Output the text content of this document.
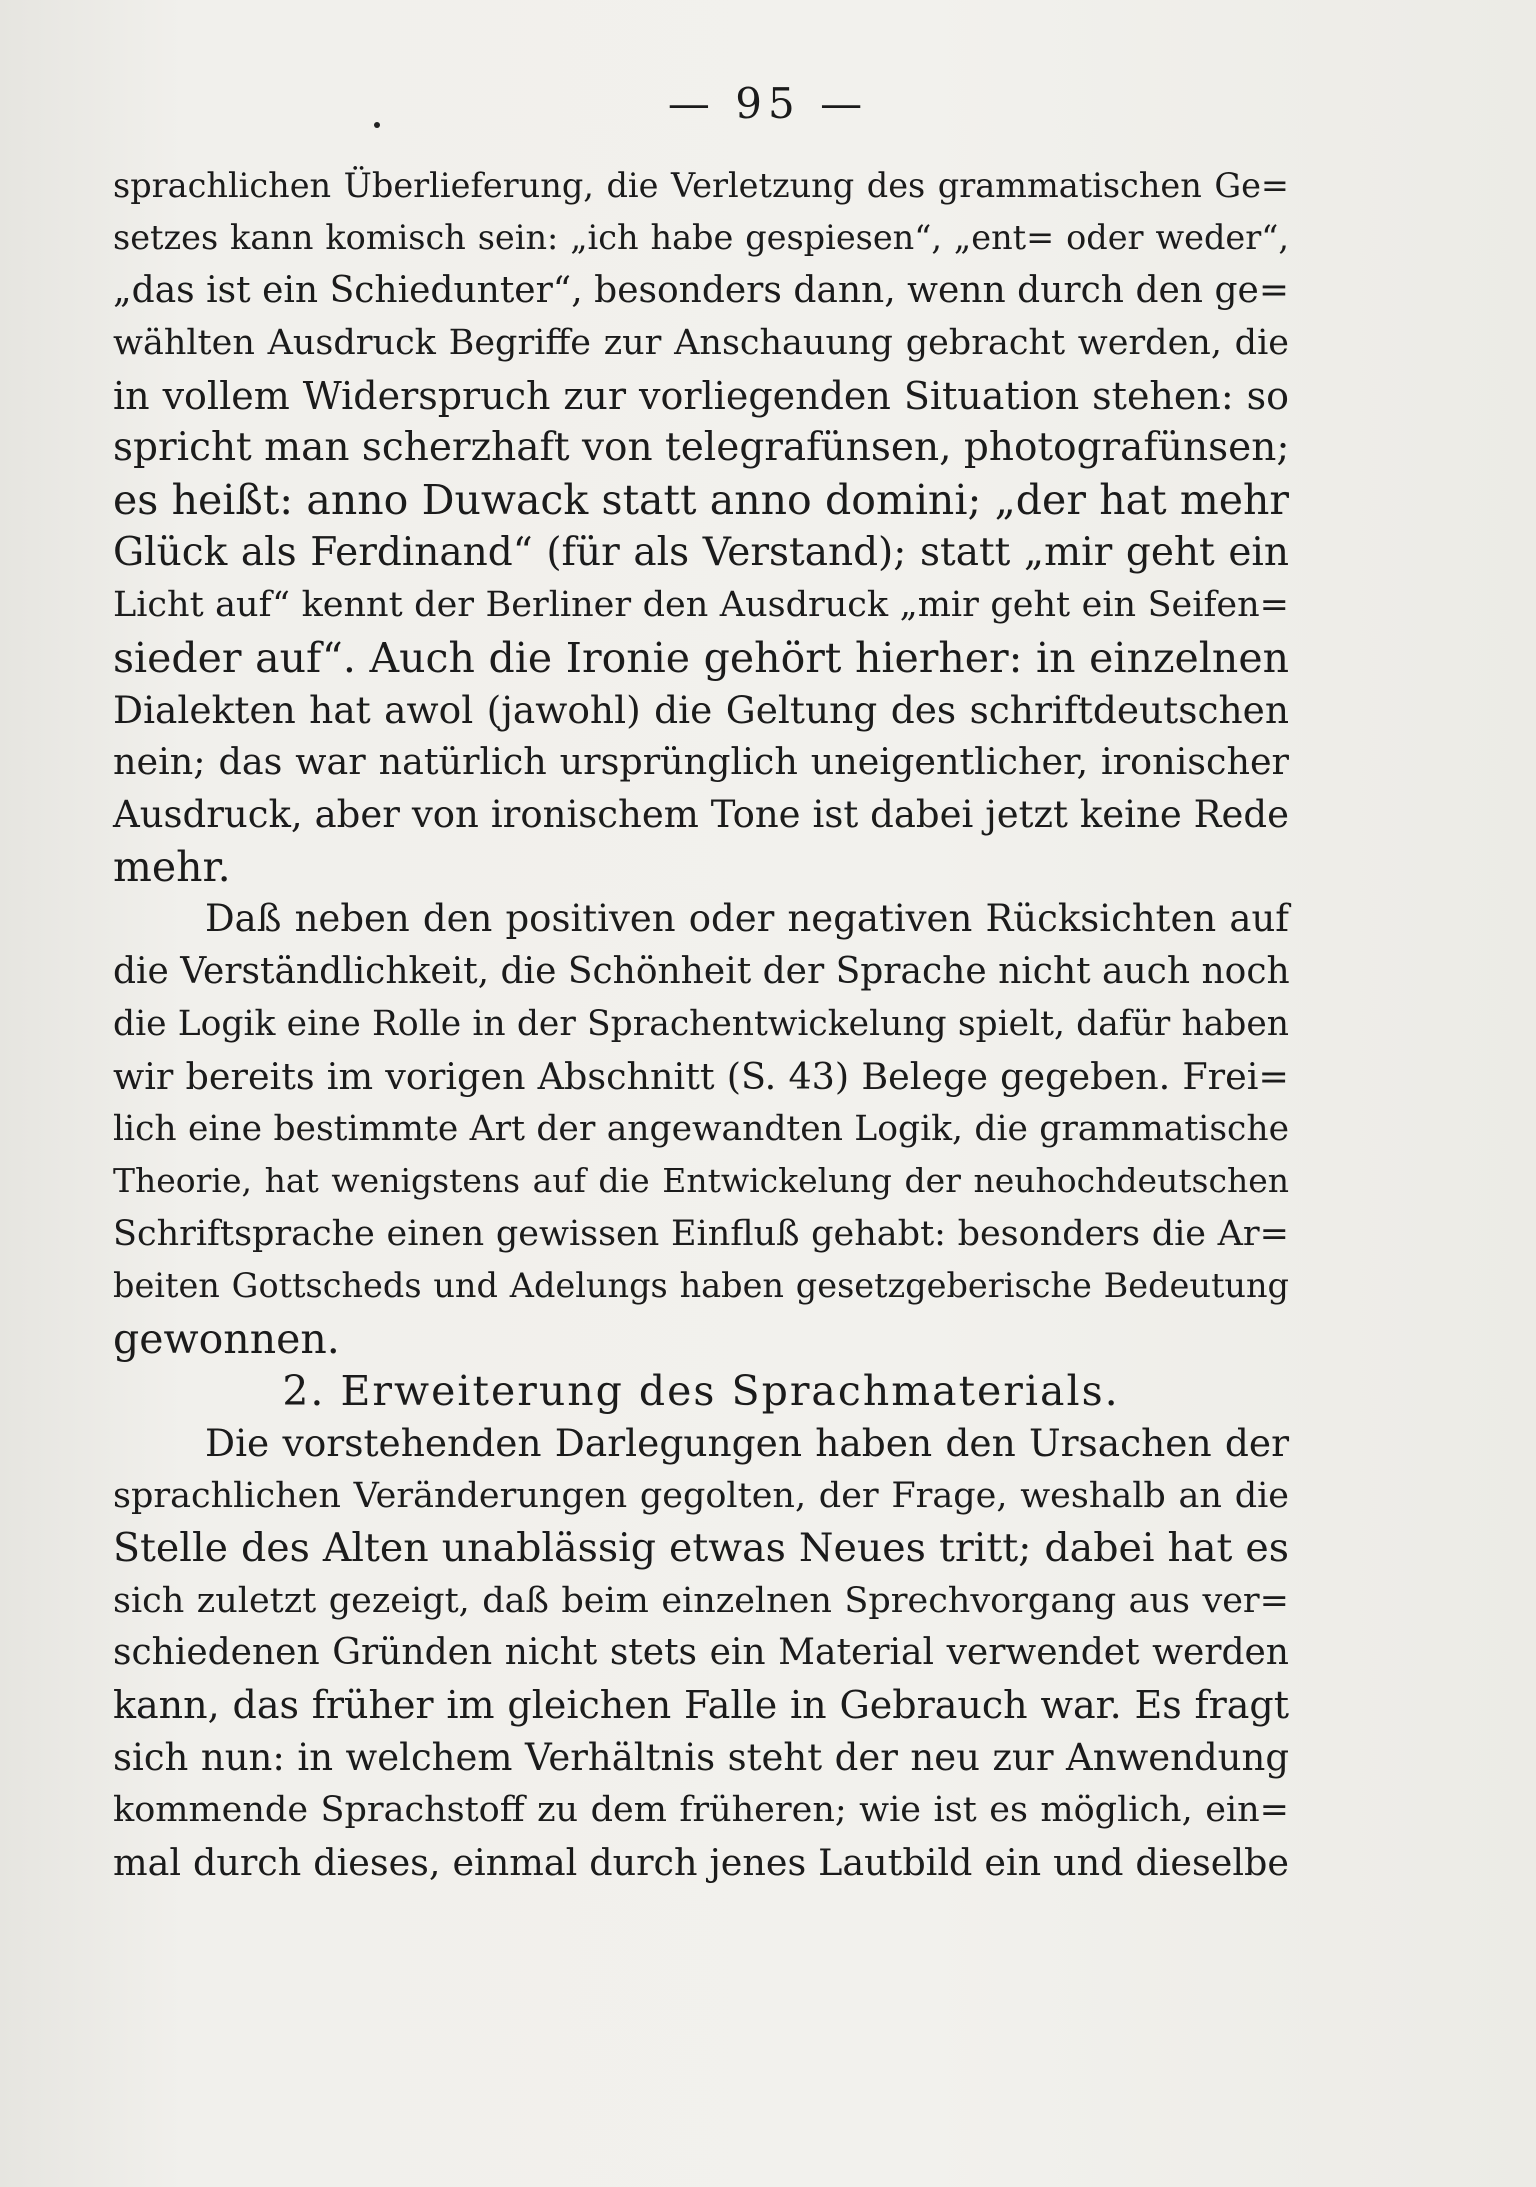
— 95 —
sprachlichen Überlieferung, die Verletzung des grammatischen Ge=
setzes kann komisch sein: „ich habe gespiesen“, „ent= oder weder“,
„das ist ein Schiedunter“, besonders dann, wenn durch den ge=
wählten Ausdruck Begriffe zur Anschauung gebracht werden, die
in vollem Widerspruch zur vorliegenden Situation stehen: so
spricht man scherzhaft von telegrafünsen, photografünsen;
es heißt: anno Duwack statt anno domini; „der hat mehr
Glück als Ferdinand“ (für als Verstand); statt „mir geht ein
Licht auf“ kennt der Berliner den Ausdruck „mir geht ein Seifen=
sieder auf“. Auch die Ironie gehört hierher: in einzelnen
Dialekten hat awol (jawohl) die Geltung des schriftdeutschen
nein; das war natürlich ursprünglich uneigentlicher, ironischer
Ausdruck, aber von ironischem Tone ist dabei jetzt keine Rede
mehr.
Daß neben den positiven oder negativen Rücksichten auf
die Verständlichkeit, die Schönheit der Sprache nicht auch noch
die Logik eine Rolle in der Sprachentwickelung spielt, dafür haben
wir bereits im vorigen Abschnitt (S. 43) Belege gegeben. Frei=
lich eine bestimmte Art der angewandten Logik, die grammatische
Theorie, hat wenigstens auf die Entwickelung der neuhochdeutschen
Schriftsprache einen gewissen Einfluß gehabt: besonders die Ar=
beiten Gottscheds und Adelungs haben gesetzgeberische Bedeutung
gewonnen.
2. Erweiterung des Sprachmaterials.
Die vorstehenden Darlegungen haben den Ursachen der
sprachlichen Veränderungen gegolten, der Frage, weshalb an die
Stelle des Alten unablässig etwas Neues tritt; dabei hat es
sich zuletzt gezeigt, daß beim einzelnen Sprechvorgang aus ver=
schiedenen Gründen nicht stets ein Material verwendet werden
kann, das früher im gleichen Falle in Gebrauch war. Es fragt
sich nun: in welchem Verhältnis steht der neu zur Anwendung
kommende Sprachstoff zu dem früheren; wie ist es möglich, ein=
mal durch dieses, einmal durch jenes Lautbild ein und dieselbe
